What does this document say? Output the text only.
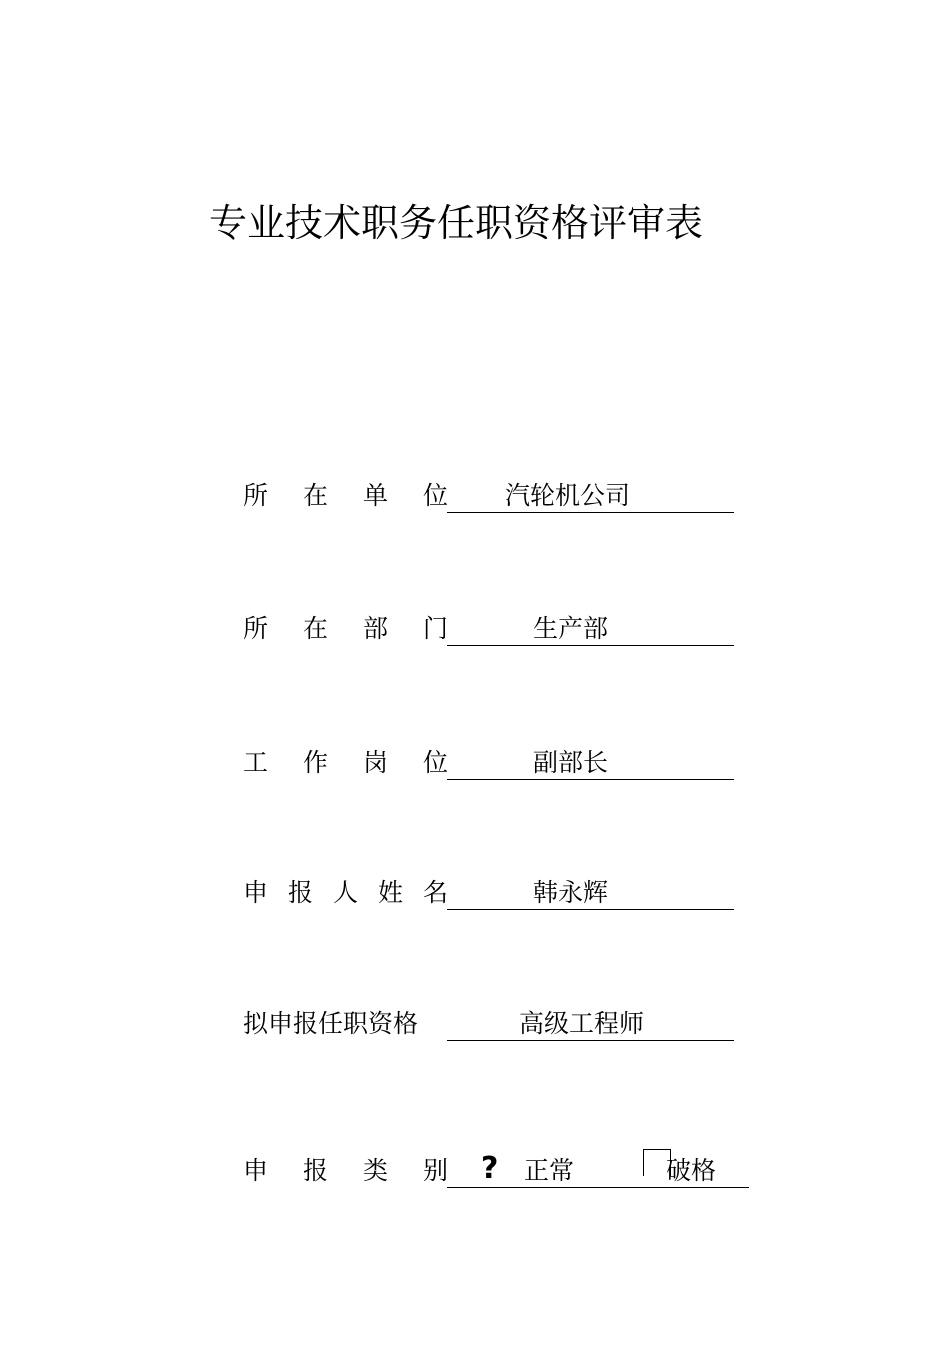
专业技术职务任职资格评审表
所 在 单 位 汽轮机公司
所 在 部 门	生产部
工 作 岗 位	副部长
申 报 人 姓 名	韩永辉
拟申报任职资格	高级工程师
申 报 类 别 ? 正常	破格
